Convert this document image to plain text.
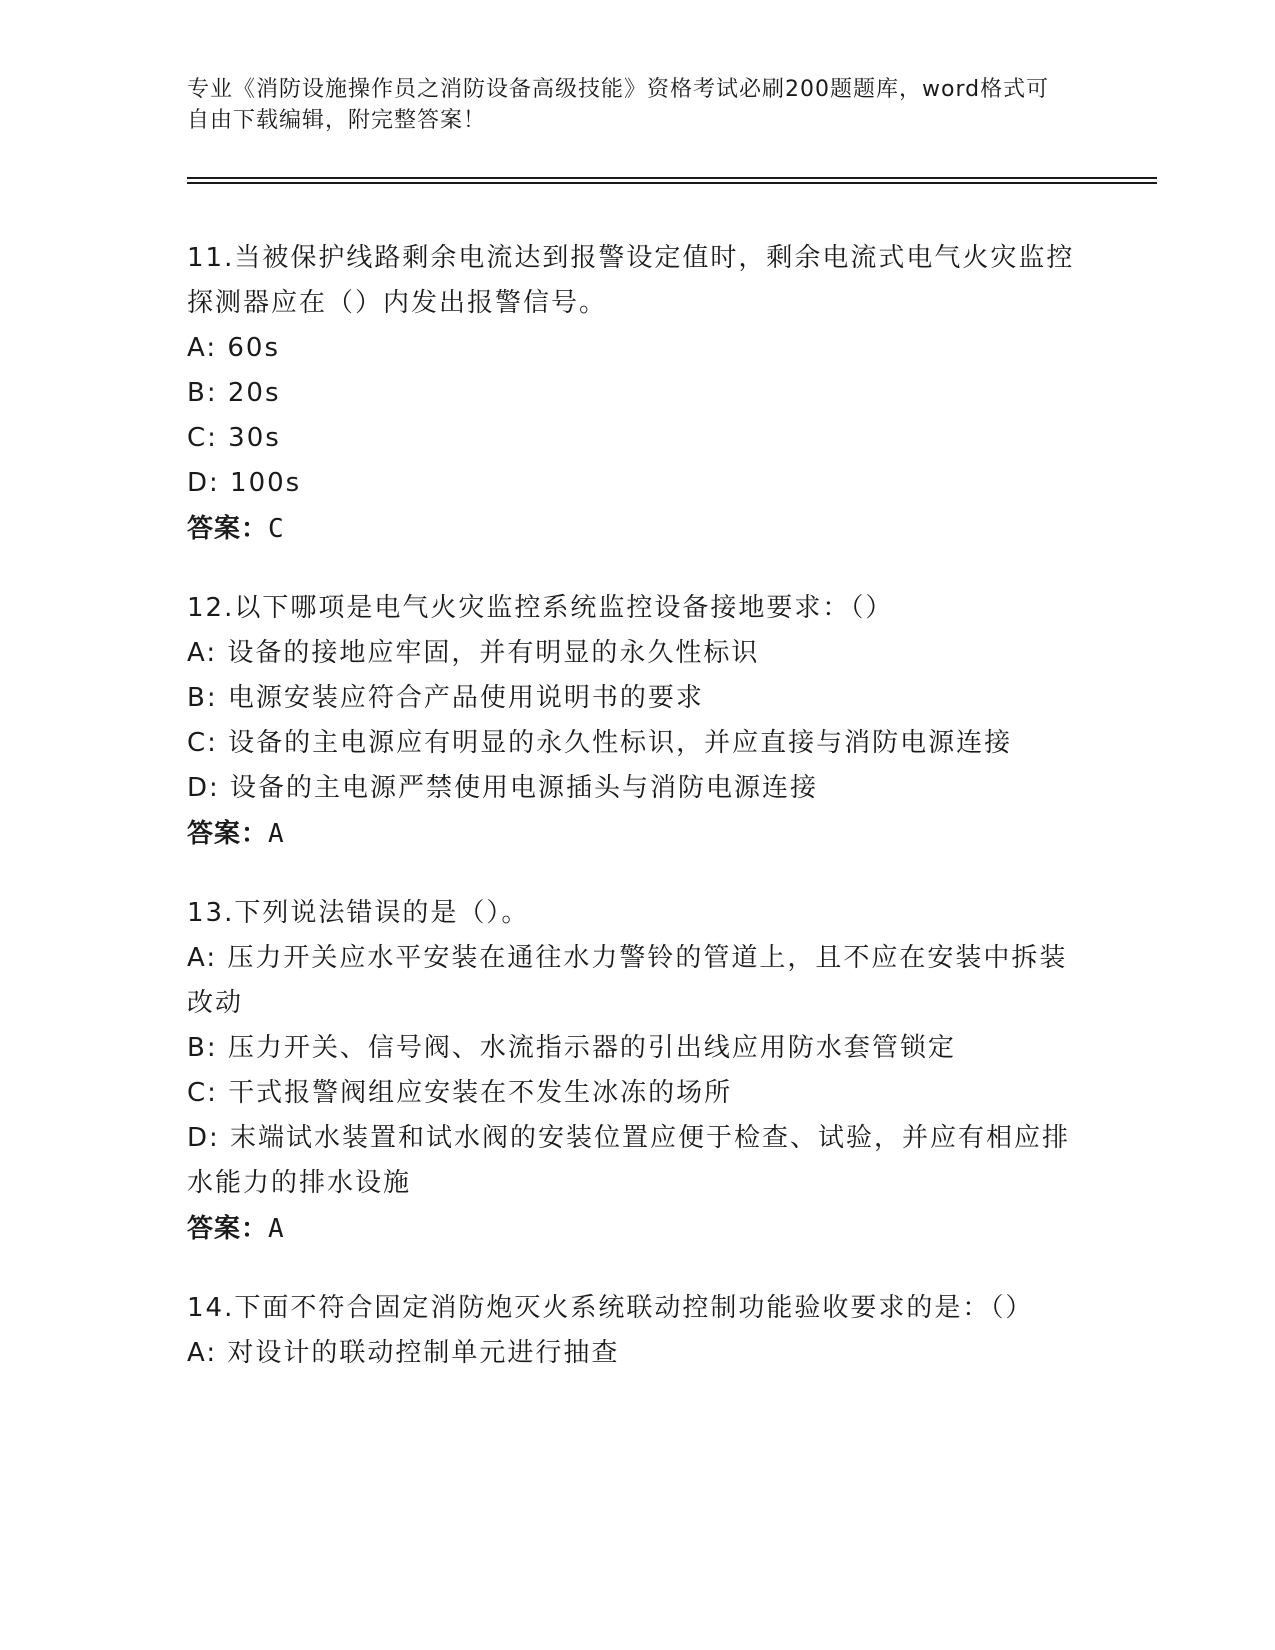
专业《消防设施操作员之消防设备高级技能》资格考试必刷200题题库，word格式可自由下载编辑，附完整答案！

11.当被保护线路剩余电流达到报警设定值时，剩余电流式电气火灾监控探测器应在（）内发出报警信号。

A: 60s

B: 20s

C: 30s

D: 100s

答案：C

12.以下哪项是电气火灾监控系统监控设备接地要求：（）

A: 设备的接地应牢固，并有明显的永久性标识

B: 电源安装应符合产品使用说明书的要求

C: 设备的主电源应有明显的永久性标识，并应直接与消防电源连接

D: 设备的主电源严禁使用电源插头与消防电源连接

答案：A

13.下列说法错误的是（）。

A: 压力开关应水平安装在通往水力警铃的管道上，且不应在安装中拆装改动

B: 压力开关、信号阀、水流指示器的引出线应用防水套管锁定

C: 干式报警阀组应安装在不发生冰冻的场所

D: 末端试水装置和试水阀的安装位置应便于检查、试验，并应有相应排水能力的排水设施

答案：A

14.下面不符合固定消防炮灭火系统联动控制功能验收要求的是：（）

A: 对设计的联动控制单元进行抽查
